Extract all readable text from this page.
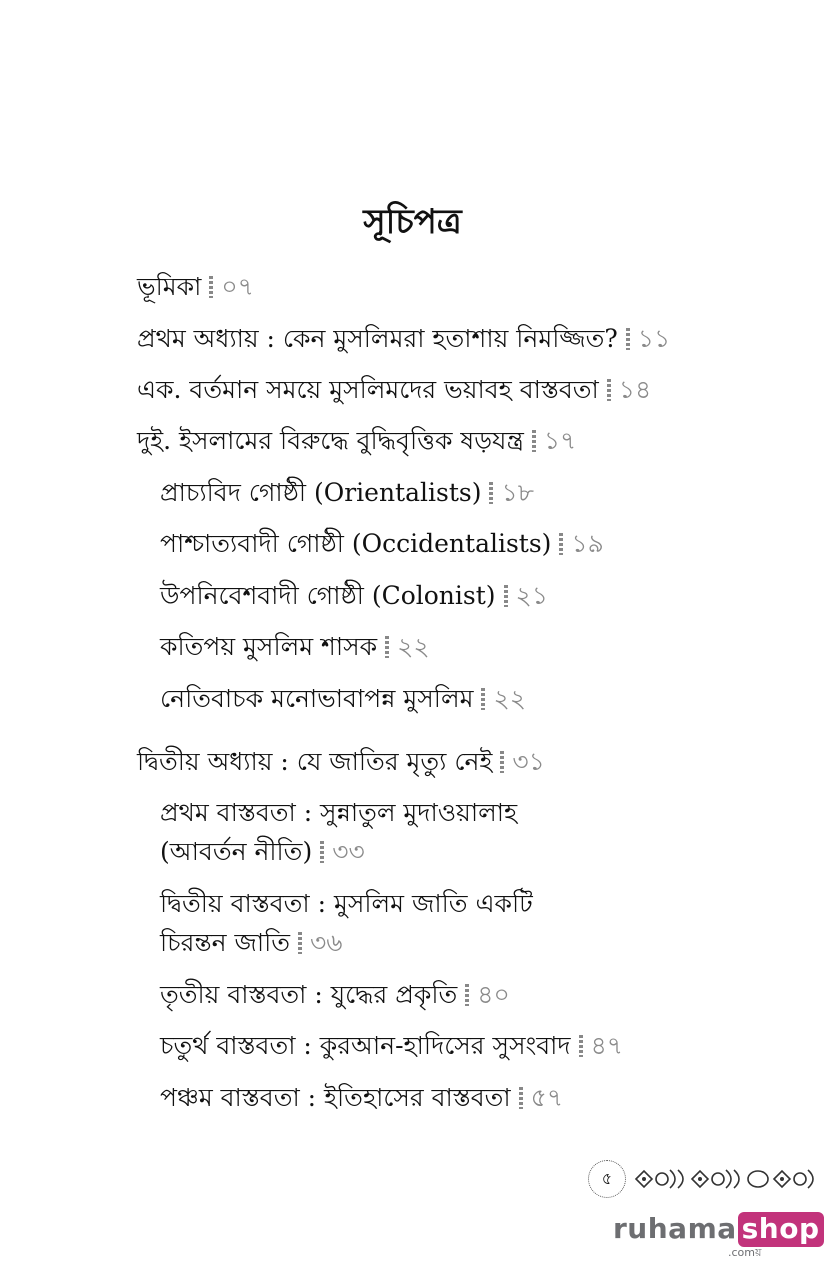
সূচিপত্র
ভূমিকা ০৭
প্রথম অধ্যায় : কেন মুসলিমরা হতাশায় নিমজ্জিত? ১১
এক. বর্তমান সময়ে মুসলিমদের ভয়াবহ বাস্তবতা ১৪
দুই. ইসলামের বিরুদ্ধে বুদ্ধিবৃত্তিক ষড়যন্ত্র ১৭
প্রাচ্যবিদ গোষ্ঠী (Orientalists) ১৮
পাশ্চাত্যবাদী গোষ্ঠী (Occidentalists) ১৯
উপনিবেশবাদী গোষ্ঠী (Colonist) ২১
কতিপয় মুসলিম শাসক ২২
নেতিবাচক মনোভাবাপন্ন মুসলিম ২২
দ্বিতীয় অধ্যায় : যে জাতির মৃত্যু নেই ৩১
প্রথম বাস্তবতা : সুন্নাতুল মুদাওয়ালাহ
(আবর্তন নীতি) ৩৩
দ্বিতীয় বাস্তবতা : মুসলিম জাতি একটি
চিরন্তন জাতি ৩৬
তৃতীয় বাস্তবতা : যুদ্ধের প্রকৃতি ৪০
চতুর্থ বাস্তবতা : কুরআন-হাদিসের সুসংবাদ ৪৭
পঞ্চম বাস্তবতা : ইতিহাসের বাস্তবতা ৫৭
৫
ruhama shop
.comয়
